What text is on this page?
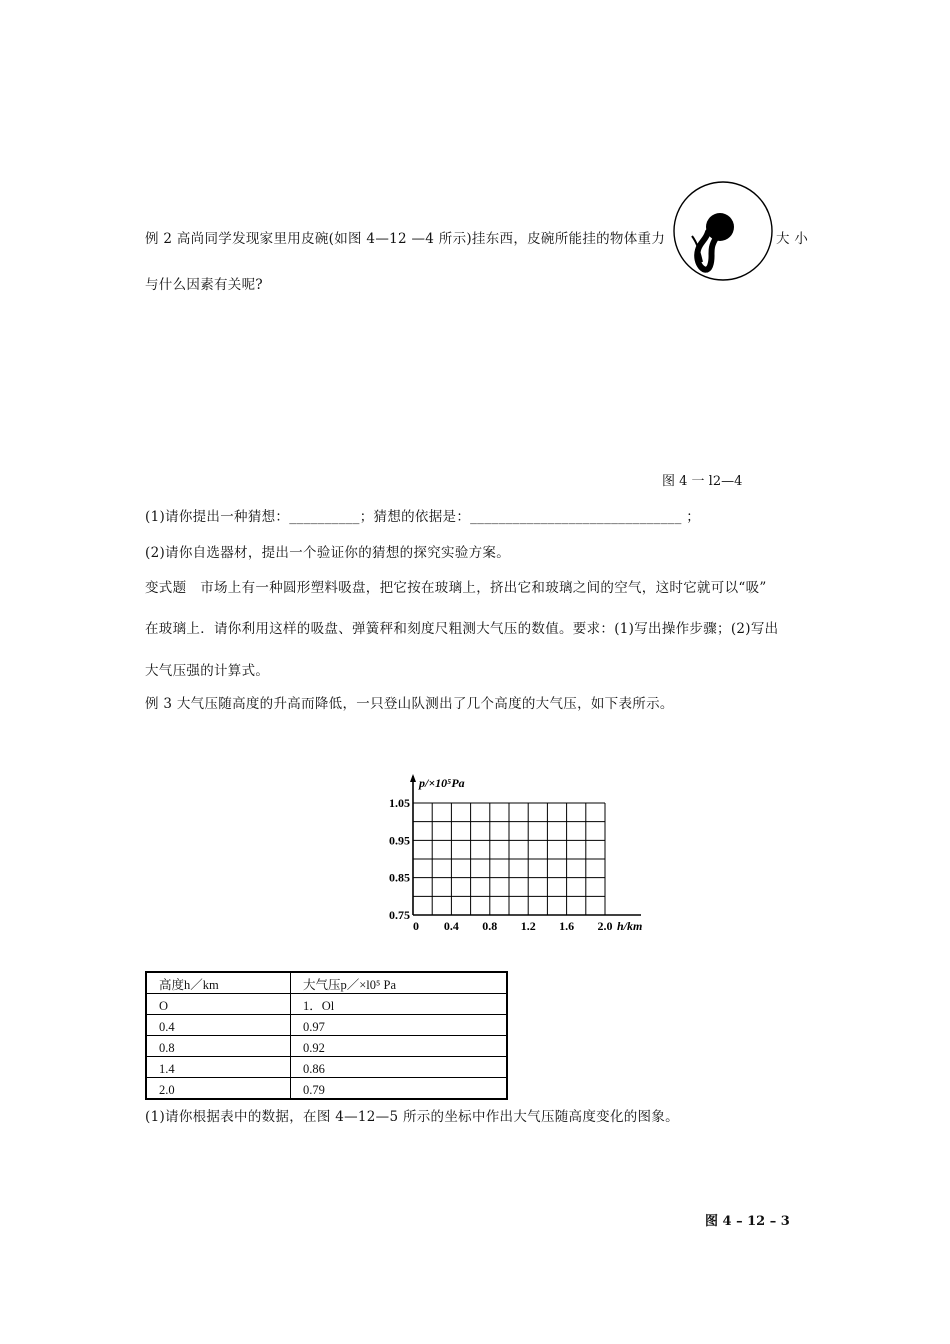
例 2 高尚同学发现家里用皮碗(如图 4—12 —4 所示)挂东西，皮碗所能挂的物体重力	大 小
与什么因素有关呢?
图 4 一 l2—4
(1)请你提出一种猜想：__________；猜想的依据是：______________________________ ；
(2)请你自选器材，提出一个验证你的猜想的探究实验方案。
变式题　市场上有一种圆形塑料吸盘，把它按在玻璃上，挤出它和玻璃之间的空气，这时它就可以“吸”
在玻璃上．请你利用这样的吸盘、弹簧秤和刻度尺粗测大气压的数值。要求：(1)写出操作步骤；(2)写出
大气压强的计算式。
例 3 大气压随高度的升高而降低，一只登山队测出了几个高度的大气压，如下表所示。
0.75
0.85
0.95
1.05
0 0.4 0.8 1.2 1.6 2.0
p/×10⁵Pa
h/km
高度h／km	大气压p／×l0⁵ Pa
O	1．Ol
0.4	0.97
0.8	0.92
1.4	0.86
2.0	0.79
(1)请你根据表中的数据，在图 4—12—5 所示的坐标中作出大气压随高度变化的图象。
图 4 – 12 – 3
